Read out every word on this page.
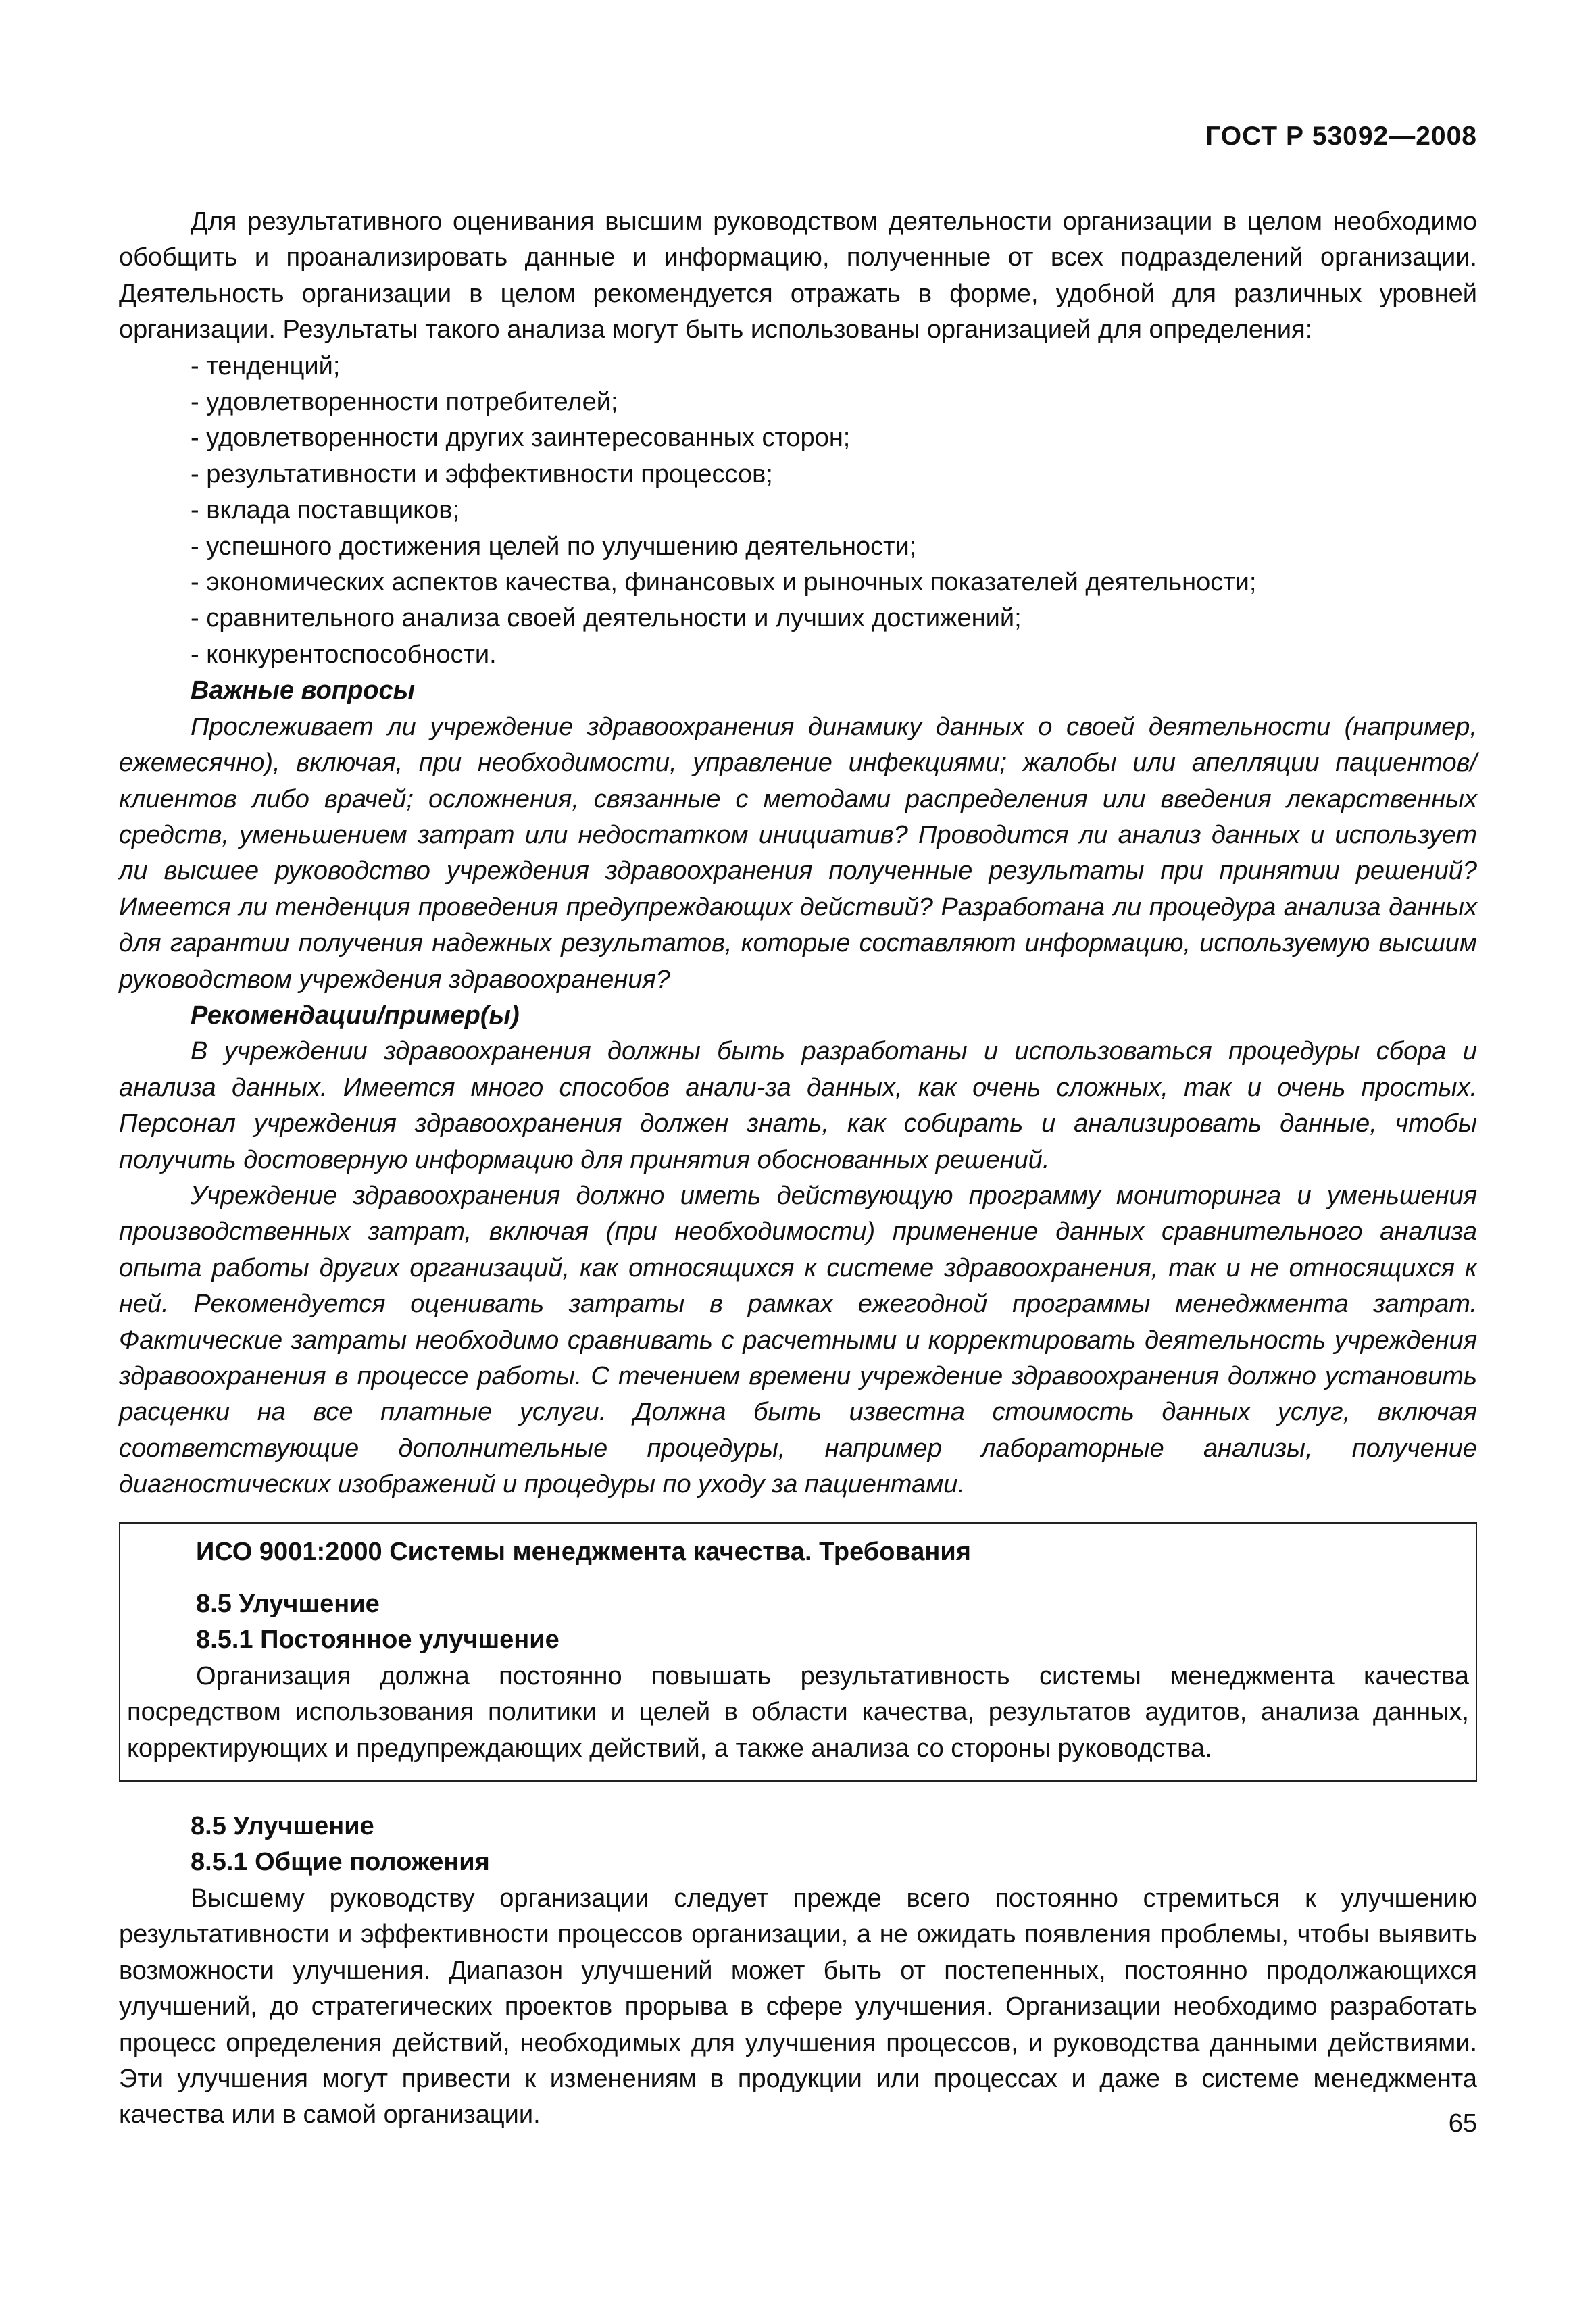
ГОСТ Р 53092—2008

Для результативного оценивания высшим руководством деятельности организации в целом необходимо обобщить и проанализировать данные и информацию, полученные от всех подразделений организации. Деятельность организации в целом рекомендуется отражать в форме, удобной для различных уровней организации. Результаты такого анализа могут быть использованы организацией для определения:

- тенденций;
- удовлетворенности потребителей;
- удовлетворенности других заинтересованных сторон;
- результативности и эффективности процессов;
- вклада поставщиков;
- успешного достижения целей по улучшению деятельности;
- экономических аспектов качества, финансовых и рыночных показателей деятельности;
- сравнительного анализа своей деятельности и лучших достижений;
- конкурентоспособности.
Важные вопросы

Прослеживает ли учреждение здравоохранения динамику данных о своей деятельности (например, ежемесячно), включая, при необходимости, управление инфекциями; жалобы или апелляции пациентов/клиентов либо врачей; осложнения, связанные с методами распределения или введения лекарственных средств, уменьшением затрат или недостатком инициатив? Проводится ли анализ данных и использует ли высшее руководство учреждения здравоохранения полученные результаты при принятии решений? Имеется ли тенденция проведения предупреждающих действий? Разработана ли процедура анализа данных для гарантии получения надежных результатов, которые составляют информацию, используемую высшим руководством учреждения здравоохранения?

Рекомендации/пример(ы)

В учреждении здравоохранения должны быть разработаны и использоваться процедуры сбора и анализа данных. Имеется много способов анали-за данных, как очень сложных, так и очень простых. Персонал учреждения здравоохранения должен знать, как собирать и анализировать данные, чтобы получить достоверную информацию для принятия обоснованных решений.

Учреждение здравоохранения должно иметь действующую программу мониторинга и уменьшения производственных затрат, включая (при необходимости) применение данных сравнительного анализа опыта работы других организаций, как относящихся к системе здравоохранения, так и не относящихся к ней. Рекомендуется оценивать затраты в рамках ежегодной программы менеджмента затрат. Фактические затраты необходимо сравнивать с расчетными и корректировать деятельность учреждения здравоохранения в процессе работы. С течением времени учреждение здравоохранения должно установить расценки на все платные услуги. Должна быть известна стоимость данных услуг, включая соответствующие дополнительные процедуры, например лабораторные анализы, получение диагностических изображений и процедуры по уходу за пациентами.

ИСО 9001:2000 Системы менеджмента качества. Требования
8.5 Улучшение
8.5.1 Постоянное улучшение

Организация должна постоянно повышать результативность системы менеджмента качества посредством использования политики и целей в области качества, результатов аудитов, анализа данных, корректирующих и предупреждающих действий, а также анализа со стороны руководства.

8.5 Улучшение
8.5.1 Общие положения

Высшему руководству организации следует прежде всего постоянно стремиться к улучшению результативности и эффективности процессов организации, а не ожидать появления проблемы, чтобы выявить возможности улучшения. Диапазон улучшений может быть от постепенных, постоянно продолжающихся улучшений, до стратегических проектов прорыва в сфере улучшения. Организации необходимо разработать процесс определения действий, необходимых для улучшения процессов, и руководства данными действиями. Эти улучшения могут привести к изменениям в продукции или процессах и даже в системе менеджмента качества или в самой организации.	65
